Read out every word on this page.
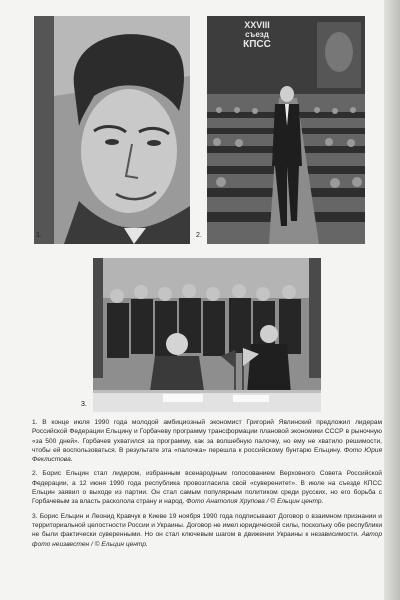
1.
XXVIII
съезд
КПСС
2.
3.

1. В конце июля 1990 года молодой амбициозный экономист Григорий Явлинский предложил лидерам Российской Федерации Ельцину и Горбачеву программу трансформации плановой экономики СССР в рыночную «за 500 дней». Горбачев ухватился за программу, как за волшебную палочку, но ему не хватило решимости, чтобы ей воспользоваться. В результате эта «палочка» перешла к российскому бунтарю Ельцину. Фото Юрия Феклистова.

2. Борис Ельцин стал лидером, избранным всенародным голосованием Верховного Совета Российской Федерации, а 12 июня 1990 года республика провозгласила свой «суверенитет». В июле на съезде КПСС Ельцин заявил о выходе из партии. Он стал самым популярным политиком среди русских, но его борьба с Горбачевым за власть расколола страну и народ. Фото Анатолия Хрупова / © Ельцин центр.

3. Борис Ельцин и Леонид Кравчук в Киеве 19 ноября 1990 года подписывают Договор о взаимном признании и территориальной целостности России и Украины. Договор не имел юридической силы, поскольку обе республики не были фактически суверенными. Но он стал ключевым шагом в движении Украины к независимости. Автор фото неизвестен / © Ельцин центр.
